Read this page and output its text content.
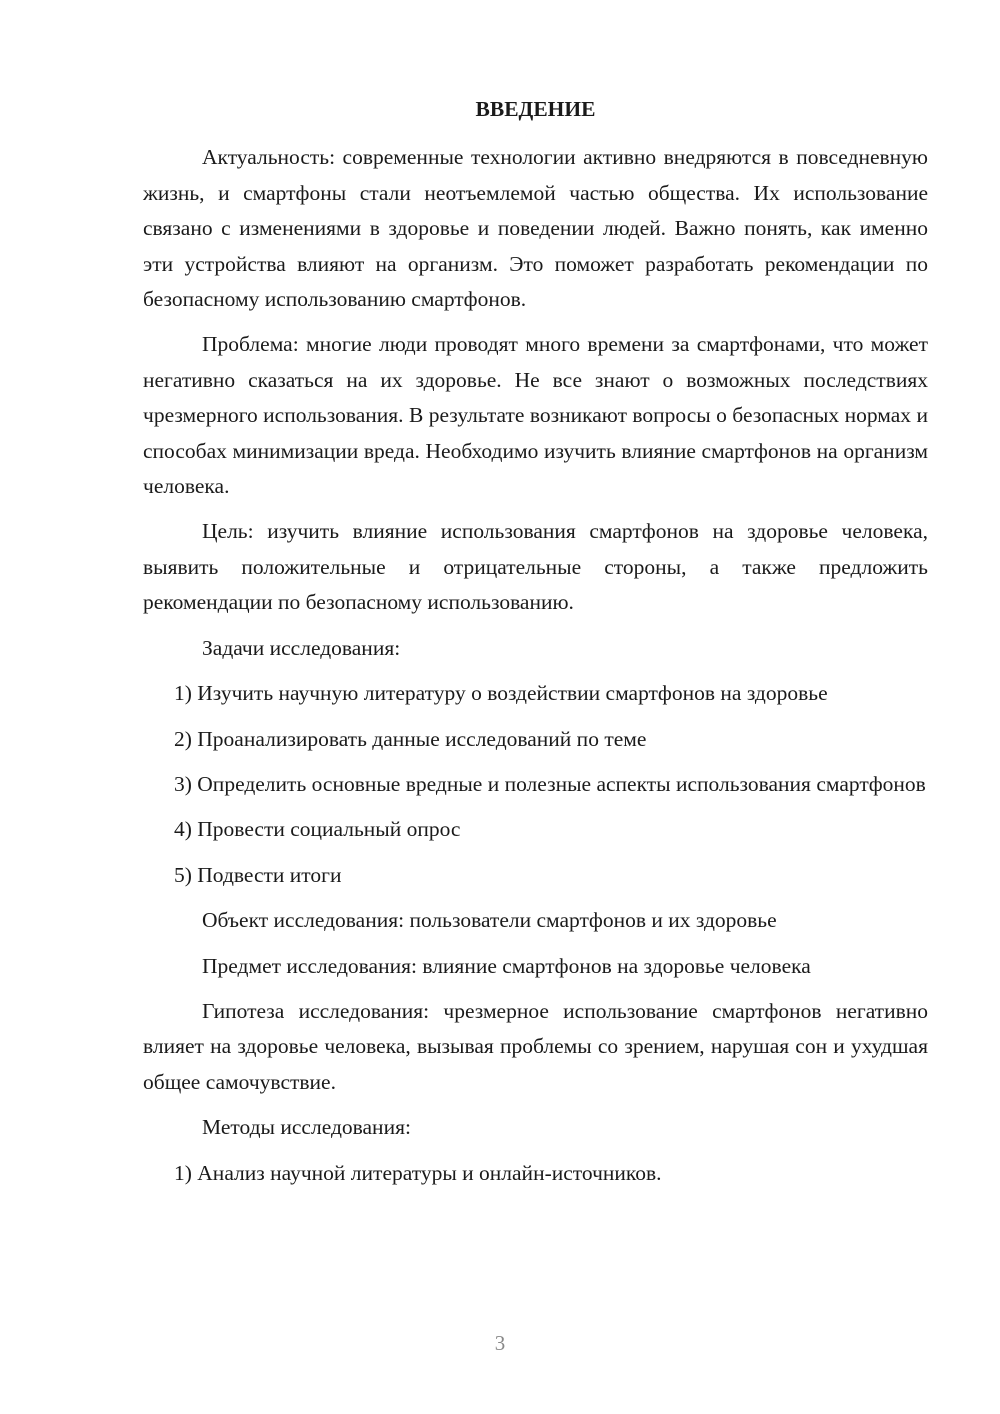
ВВЕДЕНИЕ

Актуальность: современные технологии активно внедряются в повседневную жизнь, и смартфоны стали неотъемлемой частью общества. Их использование связано с изменениями в здоровье и поведении людей. Важно понять, как именно эти устройства влияют на организм. Это поможет разработать рекомендации по безопасному использованию смартфонов.

Проблема: многие люди проводят много времени за смартфонами, что может негативно сказаться на их здоровье. Не все знают о возможных последствиях чрезмерного использования. В результате возникают вопросы о безопасных нормах и способах минимизации вреда. Необходимо изучить влияние смартфонов на организм человека.

Цель: изучить влияние использования смартфонов на здоровье человека, выявить положительные и отрицательные стороны, а также предложить рекомендации по безопасному использованию.

Задачи исследования:

1) Изучить научную литературу о воздействии смартфонов на здоровье

2) Проанализировать данные исследований по теме

3) Определить основные вредные и полезные аспекты использования смартфонов

4) Провести социальный опрос

5) Подвести итоги

Объект исследования: пользователи смартфонов и их здоровье

Предмет исследования: влияние смартфонов на здоровье человека

Гипотеза исследования: чрезмерное использование смартфонов негативно влияет на здоровье человека, вызывая проблемы со зрением, нарушая сон и ухудшая общее самочувствие.

Методы исследования:

1) Анализ научной литературы и онлайн-источников.

3
